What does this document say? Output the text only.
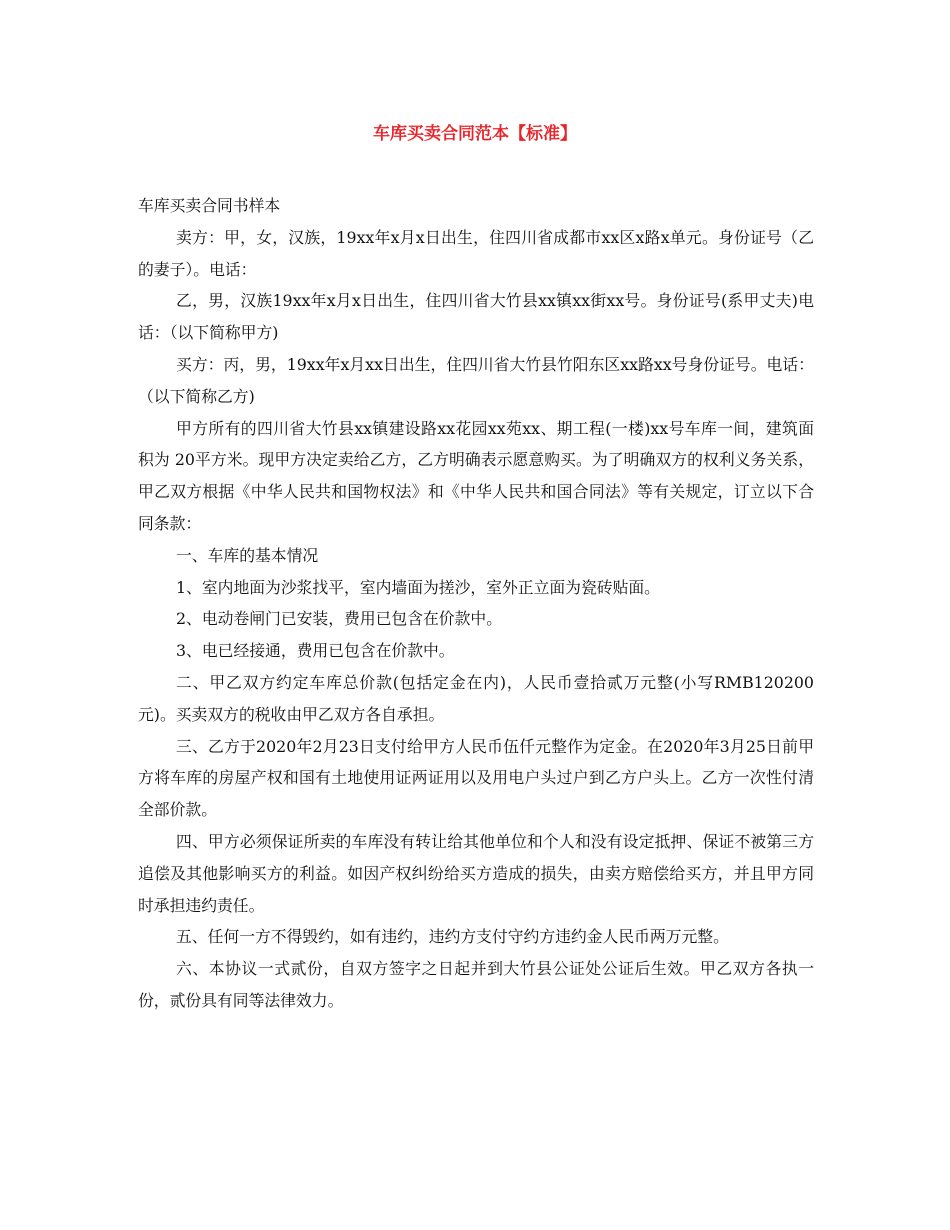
车库买卖合同范本【标准】

车库买卖合同书样本

卖方：甲，女，汉族，19xx年x月x日出生，住四川省成都市xx区x路x单元。身份证号（乙的妻子）。电话：

乙，男，汉族19xx年x月x日出生，住四川省大竹县xx镇xx街xx号。身份证号(系甲丈夫)电话：（以下简称甲方)

买方：丙，男，19xx年x月xx日出生，住四川省大竹县竹阳东区xx路xx号身份证号。电话：（以下简称乙方)

甲方所有的四川省大竹县xx镇建设路xx花园xx苑xx、期工程(一楼)xx号车库一间，建筑面积为 20平方米。现甲方决定卖给乙方，乙方明确表示愿意购买。为了明确双方的权利义务关系，甲乙双方根据《中华人民共和国物权法》和《中华人民共和国合同法》等有关规定，订立以下合同条款：

一、车库的基本情况

1、室内地面为沙浆找平，室内墙面为搓沙，室外正立面为瓷砖贴面。

2、电动卷闸门已安装，费用已包含在价款中。

3、电已经接通，费用已包含在价款中。

二、甲乙双方约定车库总价款(包括定金在内)，人民币壹拾贰万元整(小写RMB120200元)。买卖双方的税收由甲乙双方各自承担。

三、乙方于2020年2月23日支付给甲方人民币伍仟元整作为定金。在2020年3月25日前甲方将车库的房屋产权和国有土地使用证两证用以及用电户头过户到乙方户头上。乙方一次性付清全部价款。

四、甲方必须保证所卖的车库没有转让给其他单位和个人和没有设定抵押、保证不被第三方追偿及其他影响买方的利益。如因产权纠纷给买方造成的损失，由卖方赔偿给买方，并且甲方同时承担违约责任。

五、任何一方不得毁约，如有违约，违约方支付守约方违约金人民币两万元整。

六、本协议一式贰份，自双方签字之日起并到大竹县公证处公证后生效。甲乙双方各执一份，贰份具有同等法律效力。
